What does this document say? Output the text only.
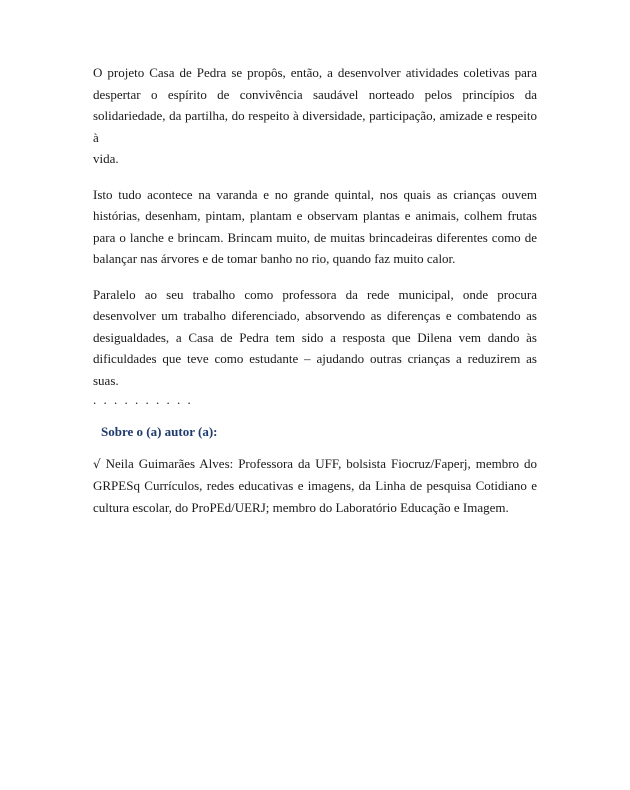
O projeto Casa de Pedra se propôs, então, a desenvolver atividades coletivas para
despertar o espírito de convivência saudável norteado pelos princípios da
solidariedade, da partilha, do respeito à diversidade, participação, amizade e respeito à
vida.

Isto tudo acontece na varanda e no grande quintal, nos quais as crianças ouvem
histórias, desenham, pintam, plantam e observam plantas e animais, colhem frutas
para o lanche e brincam. Brincam muito, de muitas brincadeiras diferentes como de
balançar nas árvores e de tomar banho no rio, quando faz muito calor.

Paralelo ao seu trabalho como professora da rede municipal, onde procura
desenvolver um trabalho diferenciado, absorvendo as diferenças e combatendo as
desigualdades, a Casa de Pedra tem sido a resposta que Dilena vem dando às
dificuldades que teve como estudante – ajudando outras crianças a reduzirem as suas.
. . . . . . . . . .

Sobre o (a) autor (a):
√ Neila Guimarães Alves: Professora da UFF, bolsista Fiocruz/Faperj, membro do
GRPESq Currículos, redes educativas e imagens, da Linha de pesquisa Cotidiano e
cultura escolar, do ProPEd/UERJ; membro do Laboratório Educação e Imagem.
